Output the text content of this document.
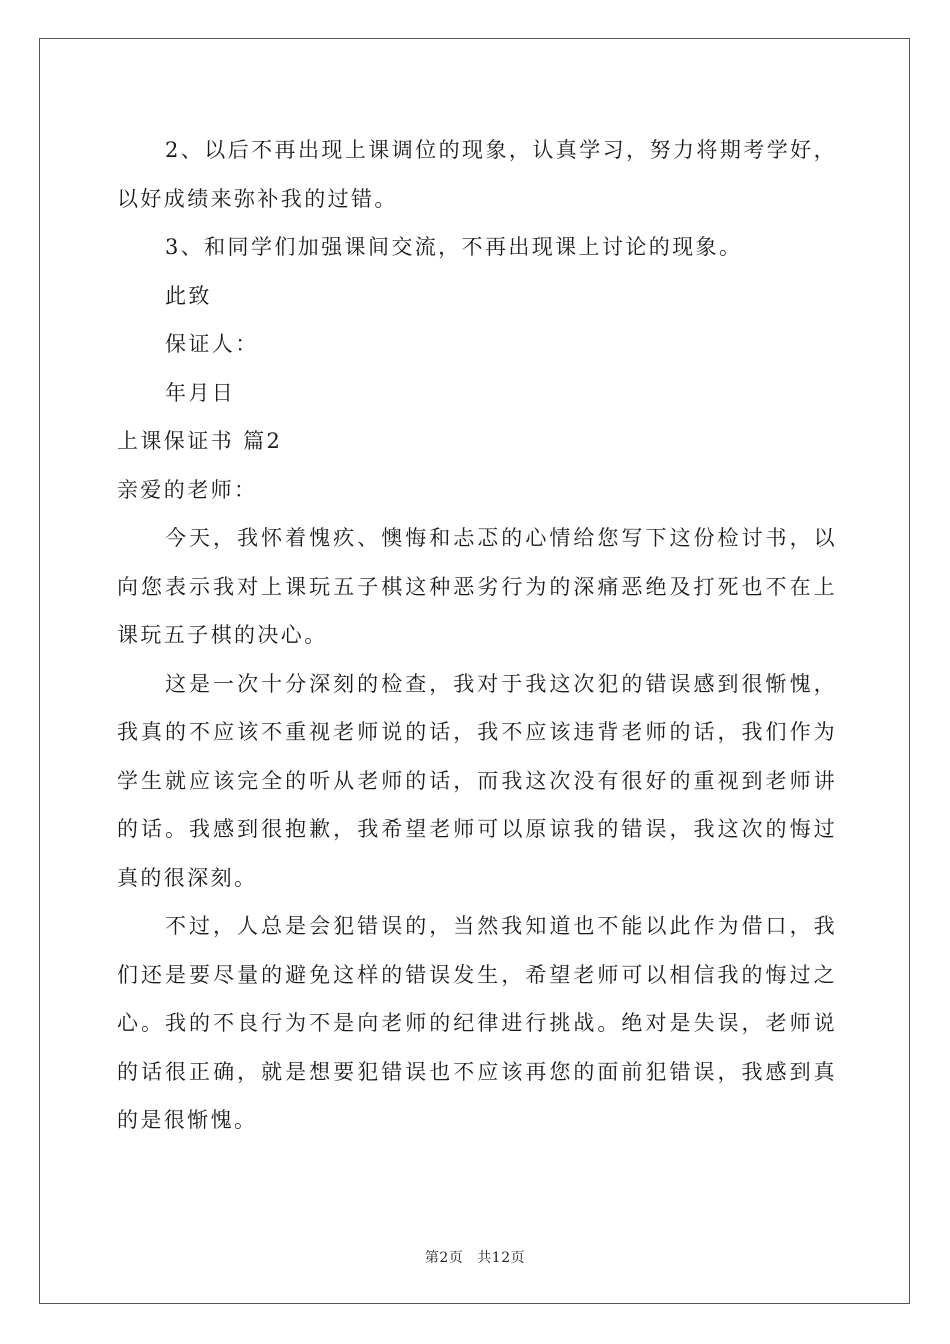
2、以后不再出现上课调位的现象，认真学习，努力将期考学好，以好成绩来弥补我的过错。

3、和同学们加强课间交流，不再出现课上讨论的现象。

此致

保证人：

年月日

上课保证书 篇2

亲爱的老师：

今天，我怀着愧疚、懊悔和忐忑的心情给您写下这份检讨书，以向您表示我对上课玩五子棋这种恶劣行为的深痛恶绝及打死也不在上课玩五子棋的决心。

这是一次十分深刻的检查，我对于我这次犯的错误感到很惭愧，我真的不应该不重视老师说的话，我不应该违背老师的话，我们作为学生就应该完全的听从老师的话，而我这次没有很好的重视到老师讲的话。我感到很抱歉，我希望老师可以原谅我的错误，我这次的悔过真的很深刻。

不过，人总是会犯错误的，当然我知道也不能以此作为借口，我们还是要尽量的避免这样的错误发生，希望老师可以相信我的悔过之心。我的不良行为不是向老师的纪律进行挑战。绝对是失误，老师说的话很正确，就是想要犯错误也不应该再您的面前犯错误，我感到真的是很惭愧。

第2页 共12页
